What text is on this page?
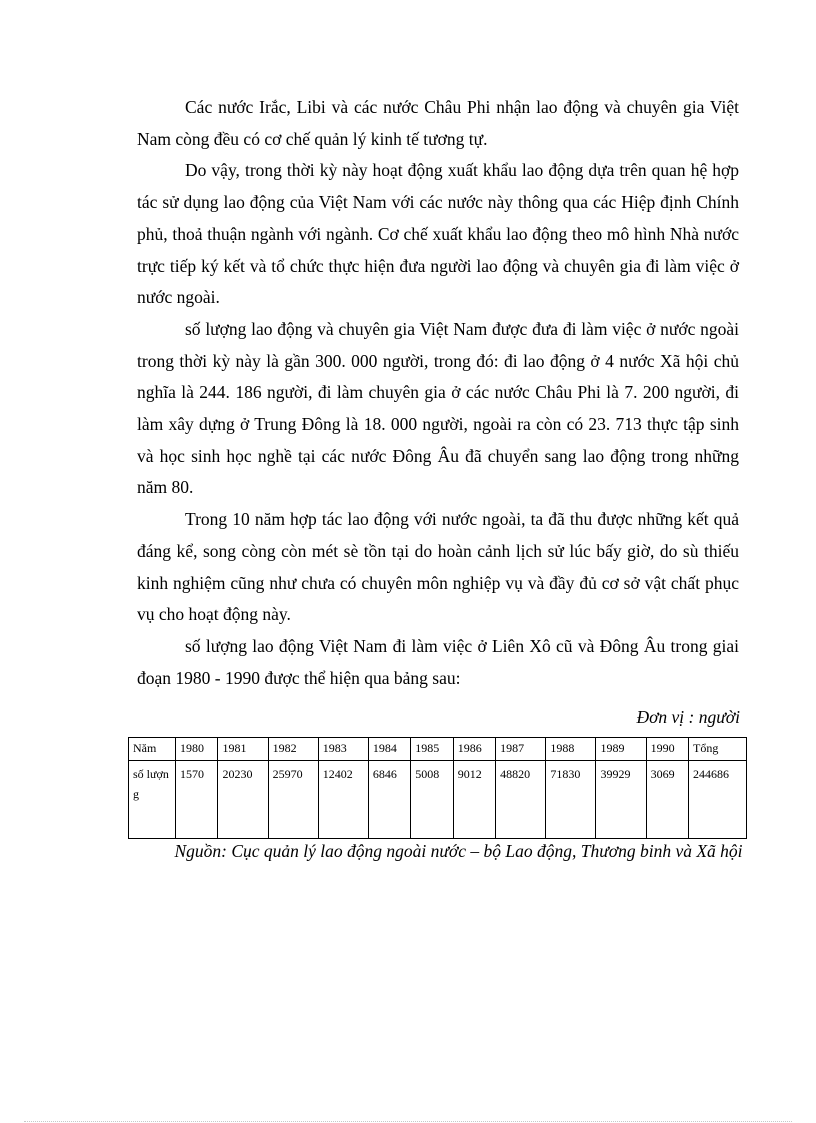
Các nước Irắc, Libi và các nước Châu Phi nhận lao động và chuyên gia Việt Nam còng đều có cơ chế quản lý kinh tế tương tự.

Do vậy, trong thời kỳ này hoạt động xuất khẩu lao động dựa trên quan hệ hợp tác sử dụng lao động của Việt Nam với các nước này thông qua các Hiệp định Chính phủ, thoả thuận ngành với ngành. Cơ chế xuất khẩu lao động theo mô hình Nhà nước trực tiếp ký kết và tổ chức thực hiện đưa người lao động và chuyên gia đi làm việc ở nước ngoài.

số lượng lao động và chuyên gia Việt Nam được đưa đi làm việc ở nước ngoài trong thời kỳ này là gần 300. 000 người, trong đó: đi lao động ở 4 nước Xã hội chủ nghĩa là 244. 186 người, đi làm chuyên gia ở các nước Châu Phi là 7. 200 người, đi làm xây dựng ở Trung Đông là 18. 000 người, ngoài ra còn có 23. 713 thực tập sinh và học sinh học nghề tại các nước Đông Âu đã chuyển sang lao động trong những năm 80.

Trong 10 năm hợp tác lao động với nước ngoài, ta đã thu được những kết quả đáng kể, song còng còn mét sè tồn tại do hoàn cảnh lịch sử lúc bấy giờ, do sù thiếu kinh nghiệm cũng như chưa có chuyên môn nghiệp vụ và đầy đủ cơ sở vật chất phục vụ cho hoạt động này.

số lượng lao động Việt Nam đi làm việc ở Liên Xô cũ và Đông Âu trong giai đoạn 1980 - 1990 được thể hiện qua bảng sau:

Đơn vị : người
Năm	1980	1981	1982	1983	1984	1985	1986	1987	1988	1989	1990	Tổng
số lượng	1570	20230	25970	12402	6846	5008	9012	48820	71830	39929	3069	244686
Nguồn: Cục quản lý lao động ngoài nước – bộ Lao động, Thương binh và Xã hội
